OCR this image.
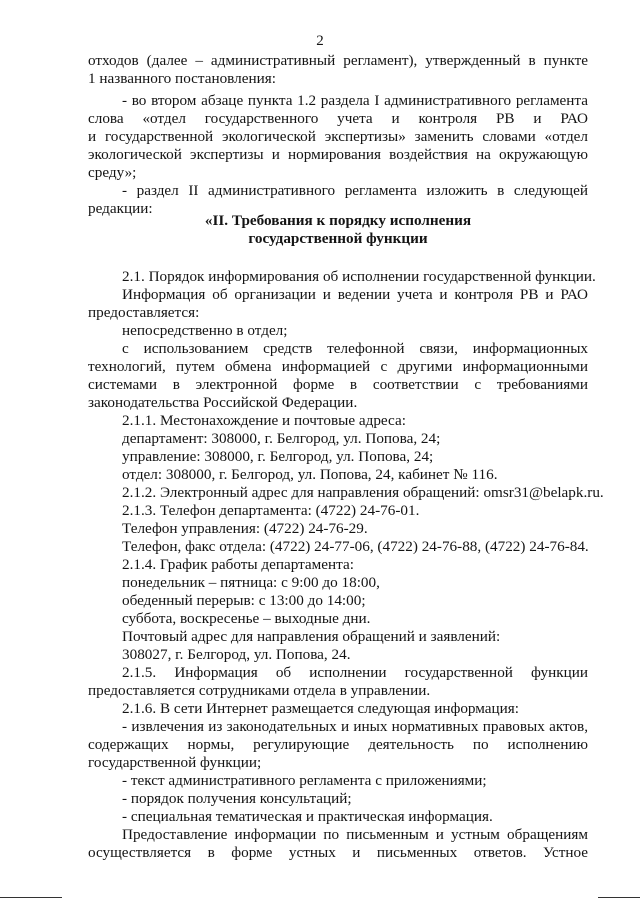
2
отходов (далее – административный регламент), утвержденный в пункте
1 названного постановления:
- во втором абзаце пункта 1.2 раздела I административного регламента
слова «отдел государственного учета и контроля РВ и РАО
и государственной экологической экспертизы» заменить словами «отдел
экологической экспертизы и нормирования воздействия на окружающую
среду»;
- раздел II административного регламента изложить в следующей
редакции:
«II. Требования к порядку исполнения
государственной функции
2.1. Порядок информирования об исполнении государственной функции.
Информация об организации и ведении учета и контроля РВ и РАО
предоставляется:
непосредственно в отдел;
с использованием средств телефонной связи, информационных
технологий, путем обмена информацией с другими информационными
системами в электронной форме в соответствии с требованиями
законодательства Российской Федерации.
2.1.1. Местонахождение и почтовые адреса:
департамент: 308000, г. Белгород, ул. Попова, 24;
управление: 308000, г. Белгород, ул. Попова, 24;
отдел: 308000, г. Белгород, ул. Попова, 24, кабинет № 116.
2.1.2. Электронный адрес для направления обращений: omsr31@belapk.ru.
2.1.3. Телефон департамента: (4722) 24-76-01.
Телефон управления: (4722) 24-76-29.
Телефон, факс отдела: (4722) 24-77-06, (4722) 24-76-88, (4722) 24-76-84.
2.1.4. График работы департамента:
понедельник – пятница: с 9:00 до 18:00,
обеденный перерыв: с 13:00 до 14:00;
суббота, воскресенье – выходные дни.
Почтовый адрес для направления обращений и заявлений:
308027, г. Белгород, ул. Попова, 24.
2.1.5. Информация об исполнении государственной функции
предоставляется сотрудниками отдела в управлении.
2.1.6. В сети Интернет размещается следующая информация:
- извлечения из законодательных и иных нормативных правовых актов,
содержащих нормы, регулирующие деятельность по исполнению
государственной функции;
- текст административного регламента с приложениями;
- порядок получения консультаций;
- специальная тематическая и практическая информация.
Предоставление информации по письменным и устным обращениям
осуществляется в форме устных и письменных ответов. Устное
